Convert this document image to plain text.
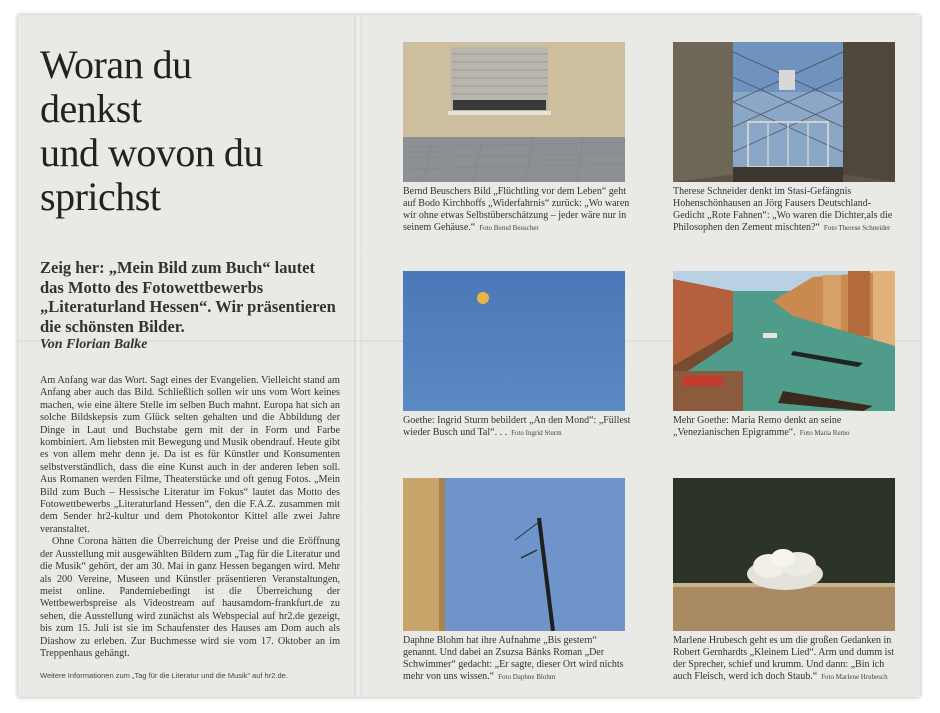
Woran du
denkst
und wovon du
sprichst
Zeig her: „Mein Bild zum Buch“ lautet das Motto des Fotowettbewerbs „Literaturland Hessen“. Wir präsentieren die schönsten Bilder.
Von Florian Balke

Am Anfang war das Wort. Sagt eines der Evangelien. Vielleicht stand am Anfang aber auch das Bild. Schließlich sollen wir uns vom Wort keines machen, wie eine ältere Stelle im selben Buch mahnt. Europa hat sich an solche Bildskepsis zum Glück selten gehalten und die Abbildung der Dinge in Laut und Buchstabe gern mit der in Form und Farbe kombiniert. Am liebsten mit Bewegung und Musik obendrauf. Heute gibt es von allem mehr denn je. Da ist es für Künstler und Konsumenten selbstverständlich, dass die eine Kunst auch in der anderen leben soll. Aus Romanen werden Filme, Theaterstücke und oft genug Fotos. „Mein Bild zum Buch – Hessische Literatur im Fokus“ lautet das Motto des Fotowettbewerbs „Literaturland Hessen“, den die F.A.Z. zusammen mit dem Sender hr2-kultur und dem Photokontor Kittel alle zwei Jahre veranstaltet.

Ohne Corona hätten die Überreichung der Preise und die Eröffnung der Ausstellung mit ausgewählten Bildern zum „Tag für die Literatur und die Musik“ gehört, der am 30. Mai in ganz Hessen begangen wird. Mehr als 200 Vereine, Museen und Künstler präsentieren Veranstaltungen, meist online. Pandemiebedingt ist die Überreichung der Wettbewerbspreise als Videostream auf hausamdom-frankfurt.de zu sehen, die Ausstellung wird zunächst als Webspecial auf hr2.de gezeigt, bis zum 15. Juli ist sie im Schaufenster des Hauses am Dom auch als Diashow zu erleben. Zur Buchmesse wird sie vom 17. Oktober an im Treppenhaus gehängt.

Weitere Informationen zum „Tag für die Literatur und die Musik“ auf hr2.de.
Bernd Beuschers Bild „Flüchtling vor dem Leben“ geht auf Bodo Kirchhoffs „Widerfahrnis“ zurück: „Wo waren wir ohne etwas Selbstüberschätzung – jeder wäre nur in seinem Gehäuse.“ Foto Bernd Beuscher
Therese Schneider denkt im Stasi-Gefängnis Hohenschönhausen an Jörg Fausers Deutschland-Gedicht „Rote Fahnen“: „Wo waren die Dichter,als die Philosophen den Zement mischten?“ Foto Therese Schneider
Goethe: Ingrid Sturm bebildert „An den Mond“: „Füllest wieder Busch und Tal“. . . Foto Ingrid Sturm
Mehr Goethe: Maria Remo denkt an seine „Venezianischen Epigramme“. Foto Maria Remo
Daphne Blohm hat ihre Aufnahme „Bis gestern“ genannt. Und dabei an Zsuzsa Bánks Roman „Der Schwimmer“ gedacht: „Er sagte, dieser Ort wird nichts mehr von uns wissen.“ Foto Daphne Blohm
Marlene Hrubesch geht es um die großen Gedanken in Robert Gernhardts „Kleinem Lied“. Arm und dumm ist der Sprecher, schief und krumm. Und dann: „Bin ich auch Fleisch, werd ich doch Staub.“ Foto Marlene Hrubesch
